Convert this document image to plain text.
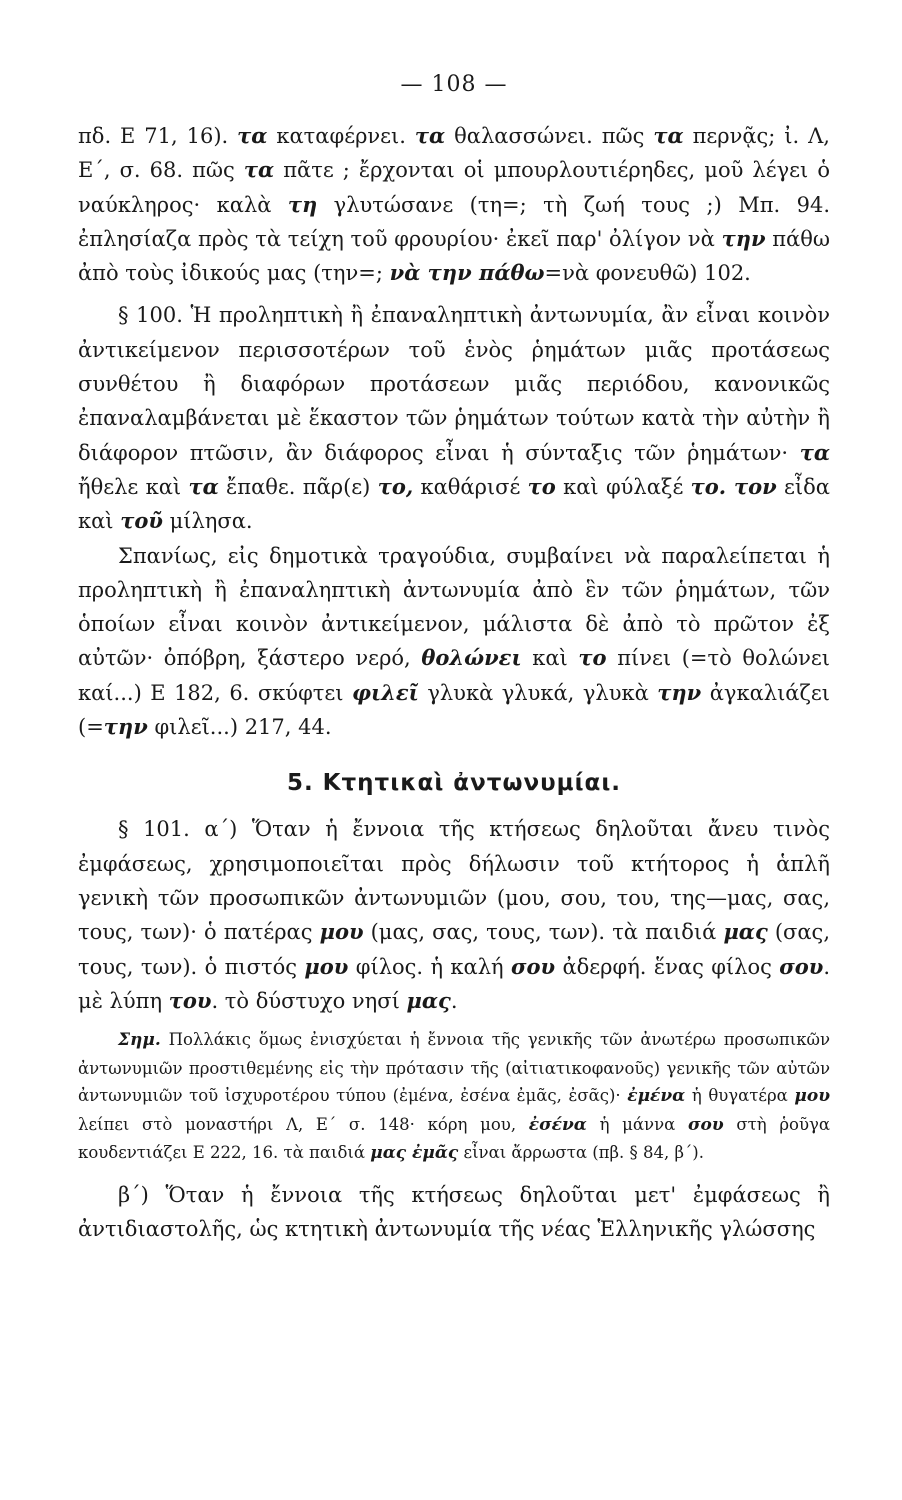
— 108 —

πδ. Ε 71, 16). τα καταφέρνει. τα θαλασσώνει. πῶς τα περνᾷς; ἰ. Λ, Ε΄, σ. 68. πῶς τα πᾶτε ; ἔρχονται οἱ μπουρλουτιέρηδες, μοῦ λέγει ὁ ναύκληρος· καλὰ τη γλυτώσανε (τη=; τὴ ζωή τους ;) Μπ. 94. ἐπλησίαζα πρὸς τὰ τείχη τοῦ φρουρίου· ἐκεῖ παρ' ὀλίγον νὰ την πάθω ἀπὸ τοὺς ἰδικούς μας (την=; νὰ την πάθω=νὰ φονευθῶ) 102.

§ 100. Ἡ προληπτικὴ ἢ ἐπαναληπτικὴ ἀντωνυμία, ἂν εἶναι κοινὸν ἀντικείμενον περισσοτέρων τοῦ ἑνὸς ῥημάτων μιᾶς προτάσεως συνθέτου ἢ διαφόρων προτάσεων μιᾶς περιόδου, κανονικῶς ἐπαναλαμβάνεται μὲ ἕκαστον τῶν ῥημάτων τούτων κατὰ τὴν αὐτὴν ἢ διάφορον πτῶσιν, ἂν διάφορος εἶναι ἡ σύνταξις τῶν ῥημάτων· τα ἤθελε καὶ τα ἔπαθε. πᾶρ(ε) το, καθάρισέ το καὶ φύλαξέ το. τον εἶδα καὶ τοῦ μίλησα.

Σπανίως, εἰς δημοτικὰ τραγούδια, συμβαίνει νὰ παραλείπεται ἡ προληπτικὴ ἢ ἐπαναληπτικὴ ἀντωνυμία ἀπὸ ἓν τῶν ῥημάτων, τῶν ὁποίων εἶναι κοινὸν ἀντικείμενον, μάλιστα δὲ ἀπὸ τὸ πρῶτον ἐξ αὐτῶν· ὀπόβρη, ξάστερο νερό, θολώνει καὶ το πίνει (=τὸ θολώνει καί...) Ε 182, 6. σκύφτει φιλεῖ γλυκὰ γλυκά, γλυκὰ την ἀγκαλιάζει (=την φιλεῖ...) 217, 44.

5. Κτητικαὶ ἀντωνυμίαι.

§ 101. α΄) Ὅταν ἡ ἔννοια τῆς κτήσεως δηλοῦται ἄνευ τινὸς ἐμφάσεως, χρησιμοποιεῖται πρὸς δήλωσιν τοῦ κτήτορος ἡ ἁπλῆ γενικὴ τῶν προσωπικῶν ἀντωνυμιῶν (μου, σου, του, της—μας, σας, τους, των)· ὁ πατέρας μου (μας, σας, τους, των). τὰ παιδιά μας (σας, τους, των). ὁ πιστός μου φίλος. ἡ καλή σου ἀδερφή. ἕνας φίλος σου. μὲ λύπη του. τὸ δύστυχο νησί μας.

Σημ. Πολλάκις ὅμως ἐνισχύεται ἡ ἔννοια τῆς γενικῆς τῶν ἀνωτέρω προσωπικῶν ἀντωνυμιῶν προστιθεμένης εἰς τὴν πρότασιν τῆς (αἰτιατικοφανοῦς) γενικῆς τῶν αὐτῶν ἀντωνυμιῶν τοῦ ἰσχυροτέρου τύπου (ἐμένα, ἐσένα ἐμᾶς, ἐσᾶς)· ἐμένα ἡ θυγατέρα μου λείπει στὸ μοναστήρι Λ, Ε΄ σ. 148· κόρη μου, ἐσένα ἡ μάννα σου στὴ ῥοῦγα κουδεντιάζει Ε 222, 16. τὰ παιδιά μας ἐμᾶς εἶναι ἄρρωστα (πβ. § 84, β΄).

β΄) Ὅταν ἡ ἔννοια τῆς κτήσεως δηλοῦται μετ' ἐμφάσεως ἢ ἀντιδιαστολῆς, ὡς κτητικὴ ἀντωνυμία τῆς νέας Ἑλληνικῆς γλώσσης
